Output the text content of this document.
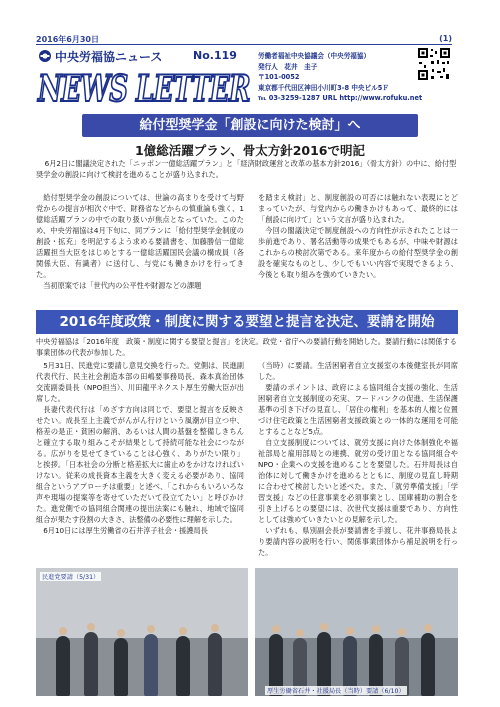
2016年6月30日	(1)
中央労福協ニュース	No.119
NEWS LETTER
労働者福祉中央協議会（中央労福協）
発行人　花井　圭子
〒101-0052
東京都千代田区神田小川町3-8 中央ビル5Ｆ
℡ 03-3259-1287 URL http://www.rofuku.net
給付型奨学金「創設に向けた検討」へ
1億総活躍プラン、骨太方針2016で明記
6月2日に閣議決定された「ニッポン一億総活躍プラン」と「経済財政運営と改革の基本方針2016」（骨太方針）の中に、給付型奨学金の創設に向けて検討を進めることが盛り込まれた。

給付型奨学金の創設については、世論の高まりを受けて与野党からの提言が相次ぐ中で、財務省などからの慎重論も強く、1億総活躍プランの中での取り扱いが焦点となっていた。このため、中央労福協は4月下旬に、同プランに「給付型奨学金制度の創設・拡充」を明記するよう求める要請書を、加藤勝信一億総活躍担当大臣をはじめとする一億総活躍国民会議の構成員（各関係大臣、有識者）に送付し、与党にも働きかけを行ってきた。

当初原案では「世代内の公平性や財源などの課題

を踏まえ検討」と、制度創設の可否には触れない表現にとどまっていたが、与党内からの働きかけもあって、最終的には「創設に向けて」という文言が盛り込まれた。

今回の閣議決定で制度創設への方向性が示されたことは一歩前進であり、署名活動等の成果でもあるが、中味や財源はこれからの検討次第である。来年度からの給付型奨学金の創設を確実なものとし、少しでもいい内容で実現できるよう、今後とも取り組みを強めていきたい。

2016年度政策・制度に関する要望と提言を決定、要請を開始
中央労福協は「2016年度　政策・制度に関する要望と提言」を決定。政党・省庁への要請行動を開始した。要請行動には関係する事業団体の代表が参加した。

5月31日、民進党に要請し意見交換を行った。党側は、民進副代表代行、民主社会創造本部の田嶋要事務局長、森本真治団体交流副委員長（NPO担当）、川田龍平ネクスト厚生労働大臣が出席した。

長妻代表代行は「めざす方向は同じで、要望と提言を反映させたい。成長至上主義でがんがん行けという風潮が目立つ中、格差の是正・貧困の解消、あるいは人間の基盤を整備しきちんと確立する取り組みこそが結果として持続可能な社会につながる。広がりを見せてきていることは心強く、ありがたい限り」と挨拶。「日本社会の分断と格差拡大に歯止めをかけなければいけない。従来の成長資本主義を大きく変える必要があり、協同組合というアプローチは重要」と述べ、「これからもいろいろな声や現場の提案等を寄せていただいて役立てたい」と呼びかけた。進党側での協同組合関連の提出法案にも触れ、地域で協同組合が果たす役割の大きさ、法整備の必要性に理解を示した。

6月10日には厚生労働省の石井淳子社会・援護局長

（当時）に要請。生活困窮者自立支援室の本後健室長が同席した。

要請のポイントは、政府による協同組合支援の強化、生活困窮者自立支援制度の充実、フードバンクの促進、生活保護基準の引き下げの見直し、「居住の権利」を基本的人権と位置づけ住宅政策と生活困窮者支援政策との一体的な運用を可能とすることなど5点。

自立支援制度については、就労支援に向けた体制強化や福祉部局と雇用部局との連携、就労の受け皿となる協同組合やNPO・企業への支援を進めることを要望した。石井局長は自治体に対して働きかけを進めるとともに、制度の見直し時期に合わせて検討したいと述べた。また、「就労準備支援」「学習支援」などの任意事業を必須事業とし、国庫補助の割合を引き上げるとの要望には、次世代支援は重要であり、方向性としては強めていきたいとの見解を示した。

いずれも、県別副会長が要請書を手渡し、花井事務局長より要請内容の説明を行い、関係事業団体から補足説明を行った。

民進党要請（5/31）
厚生労働省石井・社援局長（当時）要請（6/10）
